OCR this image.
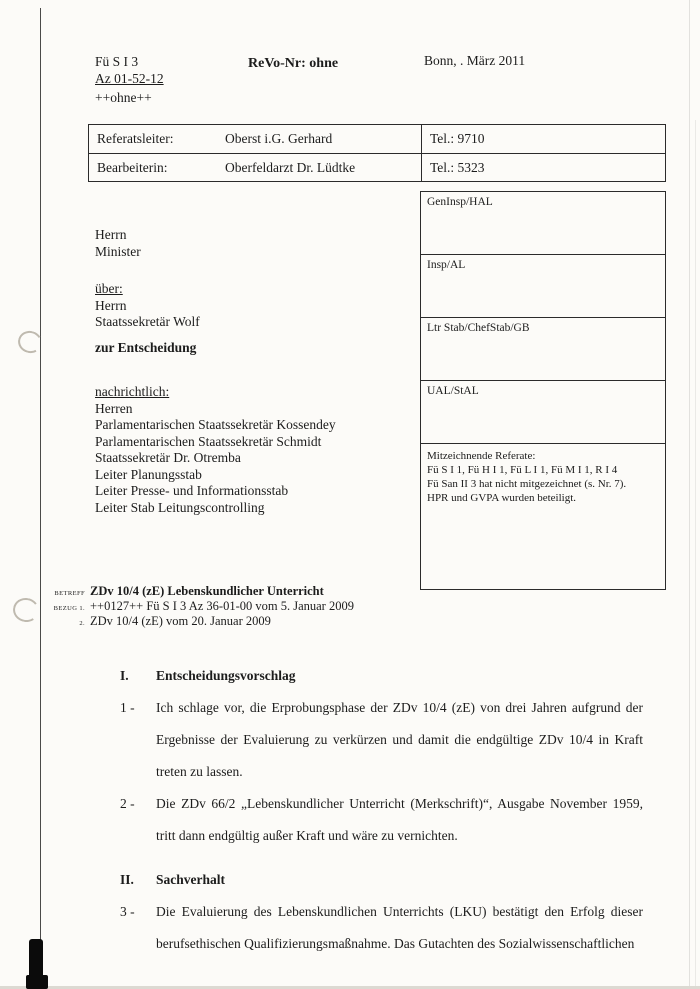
Fü S I 3
Az 01-52-12
++ohne++
ReVo-Nr: ohne	Bonn, . März 2011
Referatsleiter:	Oberst i.G. Gerhard	Tel.: 9710
Bearbeiterin:	Oberfeldarzt Dr. Lüdtke	Tel.: 5323
Herrn
Minister
über:
Herrn
Staatssekretär Wolf
zur Entscheidung
nachrichtlich:
Herren
Parlamentarischen Staatssekretär Kossendey
Parlamentarischen Staatssekretär Schmidt
Staatssekretär Dr. Otremba
Leiter Planungsstab
Leiter Presse- und Informationsstab
Leiter Stab Leitungscontrolling
GenInsp/HAL
Insp/AL
Ltr Stab/ChefStab/GB
UAL/StAL
Mitzeichnende Referate:
Fü S I 1, Fü H I 1, Fü L I 1, Fü M I 1, R I 4
Fü San II 3 hat nicht mitgezeichnet (s. Nr. 7).
HPR und GVPA wurden beteiligt.
BETREFF ZDv 10/4 (zE) Lebenskundlicher Unterricht
BEZUG 1. ++0127++ Fü S I 3 Az 36-01-00 vom 5. Januar 2009
2. ZDv 10/4 (zE) vom 20. Januar 2009
I.	Entscheidungsvorschlag
1 -	Ich schlage vor, die Erprobungsphase der ZDv 10/4 (zE) von drei Jahren aufgrund der Ergebnisse der Evaluierung zu verkürzen und damit die endgültige ZDv 10/4 in Kraft treten zu lassen.
2 -	Die ZDv 66/2 „Lebenskundlicher Unterricht (Merkschrift)“, Ausgabe November 1959, tritt dann endgültig außer Kraft und wäre zu vernichten.
II.	Sachverhalt
3 -	Die Evaluierung des Lebenskundlichen Unterrichts (LKU) bestätigt den Erfolg dieser berufsethischen Qualifizierungsmaßnahme. Das Gutachten des Sozialwissenschaftlichen
